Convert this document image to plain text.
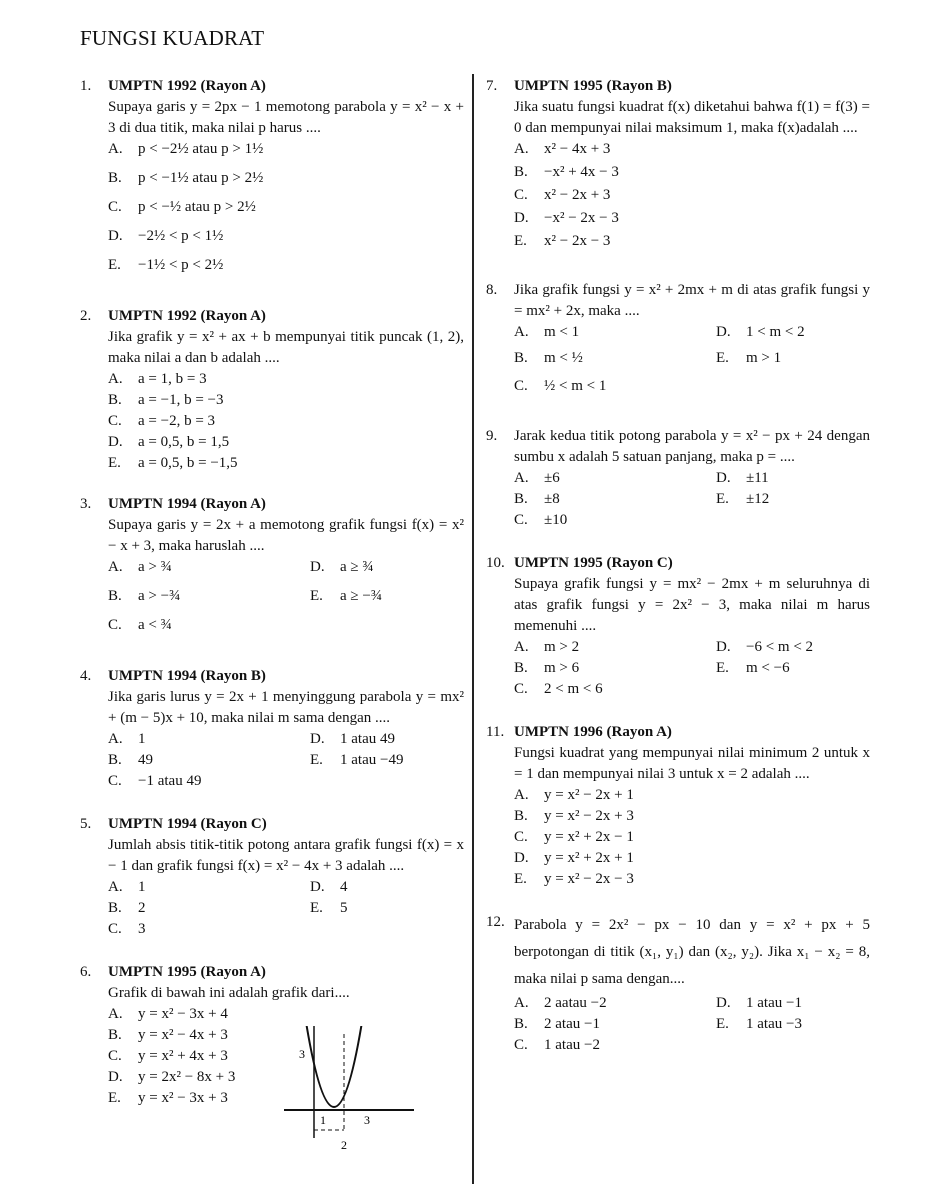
FUNGSI KUADRAT
1.	UMPTN 1992 (Rayon A)
Supaya garis y = 2px − 1 memotong parabola y = x² − x + 3 di dua titik, maka nilai p harus ....
A.	p < −2½ atau p > 1½
B.	p < −1½ atau p > 2½
C.	p < −½ atau p > 2½
D.	−2½ < p < 1½
E.	−1½ < p < 2½
2.	UMPTN 1992 (Rayon A)
Jika grafik y = x² + ax + b mempunyai titik puncak (1, 2), maka nilai a dan b adalah ....
A.	a = 1, b = 3
B.	a = −1, b = −3
C.	a = −2, b = 3
D.	a = 0,5, b = 1,5
E.	a = 0,5, b = −1,5
3.	UMPTN 1994 (Rayon A)
Supaya garis y = 2x + a memotong grafik fungsi f(x) = x² − x + 3, maka haruslah ....
A.	a > ¾	D.	a ≥ ¾
B.	a > −¾	E.	a ≥ −¾
C.	a < ¾
4.	UMPTN 1994 (Rayon B)
Jika garis lurus y = 2x + 1 menyinggung parabola y = mx² + (m − 5)x + 10, maka nilai m sama dengan ....
A.	1	D.	1 atau 49
B.	49	E.	1 atau −49
C.	−1 atau 49
5.	UMPTN 1994 (Rayon C)
Jumlah absis titik-titik potong antara grafik fungsi f(x) = x − 1 dan grafik fungsi f(x) = x² − 4x + 3 adalah ....
A.	1	D.	4
B.	2	E.	5
C.	3
6.	UMPTN 1995 (Rayon A)
Grafik di bawah ini adalah grafik dari....
A.	y = x² − 3x + 4
B.	y = x² − 4x + 3
C.	y = x² + 4x + 3
D.	y = 2x² − 8x + 3
E.	y = x² − 3x + 3
3
1	3
2
7.	UMPTN 1995 (Rayon B)
Jika suatu fungsi kuadrat f(x) diketahui bahwa f(1) = f(3) = 0 dan mempunyai nilai maksimum 1, maka f(x)adalah ....
A.	x² − 4x + 3
B.	−x² + 4x − 3
C.	x² − 2x + 3
D.	−x² − 2x − 3
E.	x² − 2x − 3
8.	Jika grafik fungsi y = x² + 2mx + m di atas grafik fungsi y = mx² + 2x, maka ....
A.	m < 1	D.	1 < m < 2
B.	m < ½	E.	m > 1
C.	½ < m < 1
9.	Jarak kedua titik potong parabola y = x² − px + 24 dengan sumbu x adalah 5 satuan panjang, maka p = ....
A.	±6	D.	±11
B.	±8	E.	±12
C.	±10
10. UMPTN 1995 (Rayon C)
Supaya grafik fungsi y = mx² − 2mx + m seluruhnya di atas grafik fungsi y = 2x² − 3, maka nilai m harus memenuhi ....
A.	m > 2	D.	−6 < m < 2
B.	m > 6	E.	m < −6
C.	2 < m < 6
11. UMPTN 1996 (Rayon A)
Fungsi kuadrat yang mempunyai nilai minimum 2 untuk x = 1 dan mempunyai nilai 3 untuk x = 2 adalah ....
A.	y = x² − 2x + 1
B.	y = x² − 2x + 3
C.	y = x² + 2x − 1
D.	y = x² + 2x + 1
E.	y = x² − 2x − 3
12. Parabola y = 2x² − px − 10 dan y = x² + px + 5 berpotongan di titik (x₁, y₁) dan (x₂, y₂). Jika x₁ − x₂ = 8, maka nilai p sama dengan....
A.	2 aatau −2	D.	1 atau −1
B.	2 atau −1	E.	1 atau −3
C.	1 atau −2
